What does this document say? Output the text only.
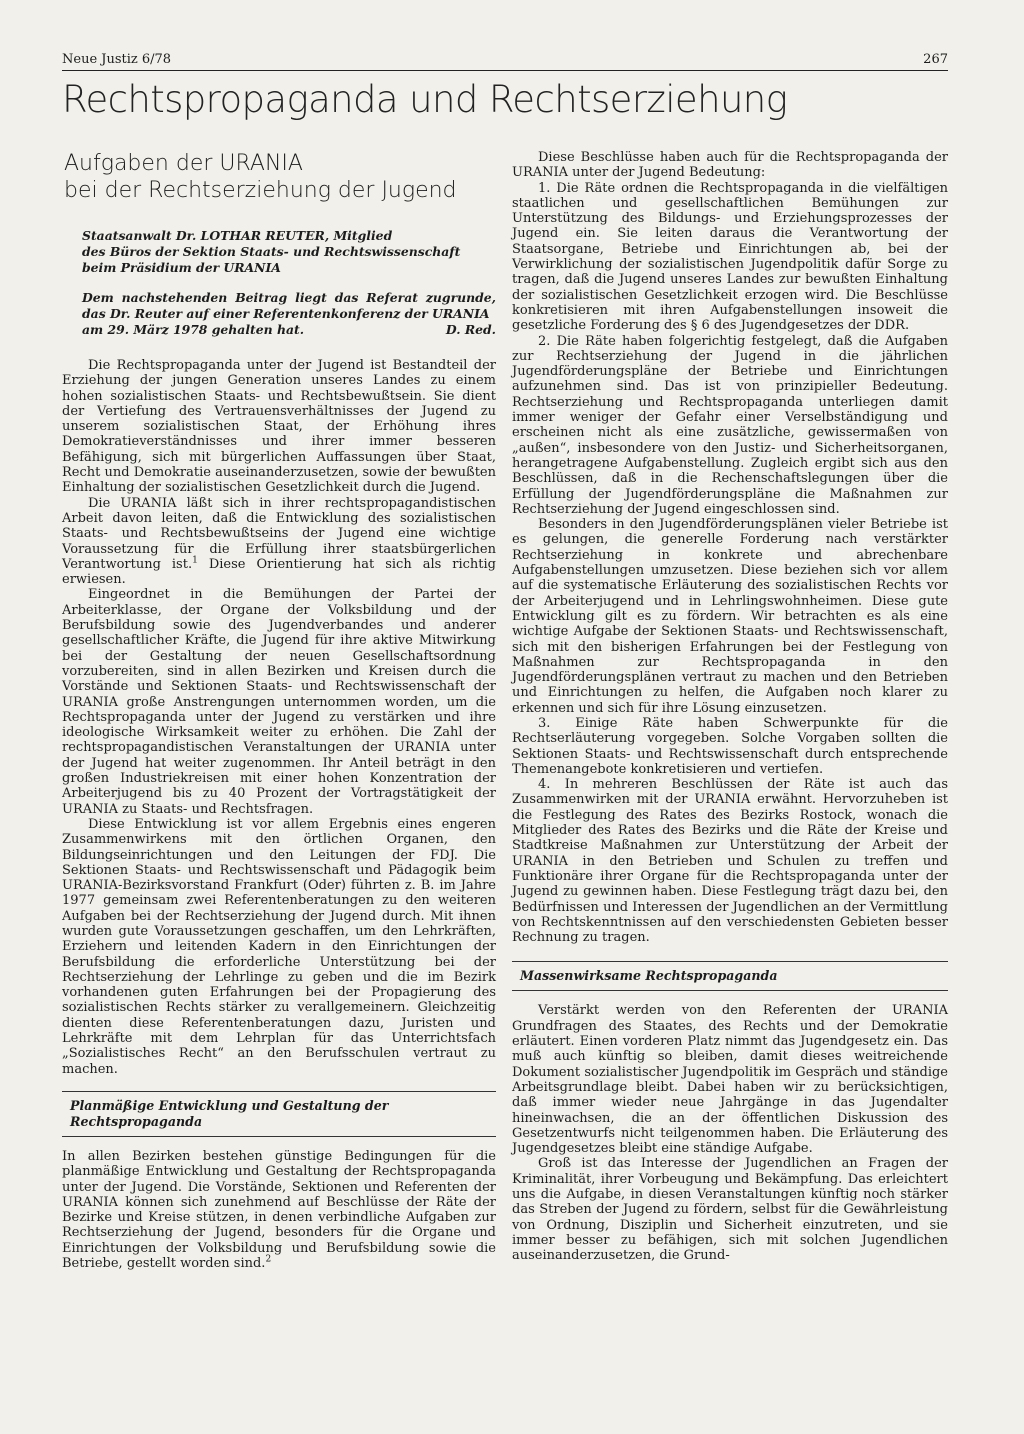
Neue Justiz 6/78	267
Rechtspropaganda und Rechtserziehung
Aufgaben der URANIA
bei der Rechtserziehung der Jugend
Staatsanwalt Dr. LOTHAR REUTER, Mitglied
des Büros der Sektion Staats- und Rechtswissenschaft
beim Präsidium der URANIA
Dem nachstehenden Beitrag liegt das Referat zugrunde, das Dr. Reuter auf einer Referentenkonferenz der URANIA
am 29. März 1978 gehalten hat.	D. Red.

Die Rechtspropaganda unter der Jugend ist Bestandteil der Erziehung der jungen Generation unseres Landes zu einem hohen sozialistischen Staats- und Rechtsbewußtsein. Sie dient der Vertiefung des Vertrauensverhältnisses der Jugend zu unserem sozialistischen Staat, der Erhöhung ihres Demokratieverständnisses und ihrer immer besseren Befähigung, sich mit bürgerlichen Auffassungen über Staat, Recht und Demokratie auseinanderzusetzen, sowie der bewußten Einhaltung der sozialistischen Gesetzlichkeit durch die Jugend.

Die URANIA läßt sich in ihrer rechtspropagandistischen Arbeit davon leiten, daß die Entwicklung des sozialistischen Staats- und Rechtsbewußtseins der Jugend eine wichtige Voraussetzung für die Erfüllung ihrer staatsbürgerlichen Verantwortung ist.$^1$ Diese Orientierung hat sich als richtig erwiesen.

Eingeordnet in die Bemühungen der Partei der Arbeiterklasse, der Organe der Volksbildung und der Berufsbildung sowie des Jugendverbandes und anderer gesellschaftlicher Kräfte, die Jugend für ihre aktive Mitwirkung bei der Gestaltung der neuen Gesellschaftsordnung vorzubereiten, sind in allen Bezirken und Kreisen durch die Vorstände und Sektionen Staats- und Rechtswissenschaft der URANIA große Anstrengungen unternommen worden, um die Rechtspropaganda unter der Jugend zu verstärken und ihre ideologische Wirksamkeit weiter zu erhöhen. Die Zahl der rechtspropagandistischen Veranstaltungen der URANIA unter der Jugend hat weiter zugenommen. Ihr Anteil beträgt in den großen Industriekreisen mit einer hohen Konzentration der Arbeiterjugend bis zu 40 Prozent der Vortragstätigkeit der URANIA zu Staats- und Rechtsfragen.

Diese Entwicklung ist vor allem Ergebnis eines engeren Zusammenwirkens mit den örtlichen Organen, den Bildungseinrichtungen und den Leitungen der FDJ. Die Sektionen Staats- und Rechtswissenschaft und Pädagogik beim URANIA-Bezirksvorstand Frankfurt (Oder) führten z. B. im Jahre 1977 gemeinsam zwei Referentenberatungen zu den weiteren Aufgaben bei der Rechtserziehung der Jugend durch. Mit ihnen wurden gute Voraussetzungen geschaffen, um den Lehrkräften, Erziehern und leitenden Kadern in den Einrichtungen der Berufsbildung die erforderliche Unterstützung bei der Rechtserziehung der Lehrlinge zu geben und die im Bezirk vorhandenen guten Erfahrungen bei der Propagierung des sozialistischen Rechts stärker zu verallgemeinern. Gleichzeitig dienten diese Referentenberatungen dazu, Juristen und Lehrkräfte mit dem Lehrplan für das Unterrichtsfach „Sozialistisches Recht“ an den Berufsschulen vertraut zu machen.

Planmäßige Entwicklung und Gestaltung der Rechtspropaganda

In allen Bezirken bestehen günstige Bedingungen für die planmäßige Entwicklung und Gestaltung der Rechtspropaganda unter der Jugend. Die Vorstände, Sektionen und Referenten der URANIA können sich zunehmend auf Beschlüsse der Räte der Bezirke und Kreise stützen, in denen verbindliche Aufgaben zur Rechtserziehung der Jugend, besonders für die Organe und Einrichtungen der Volksbildung und Berufsbildung sowie die Betriebe, gestellt worden sind.$^2$

Diese Beschlüsse haben auch für die Rechtspropaganda der URANIA unter der Jugend Bedeutung:

1. Die Räte ordnen die Rechtspropaganda in die vielfältigen staatlichen und gesellschaftlichen Bemühungen zur Unterstützung des Bildungs- und Erziehungsprozesses der Jugend ein. Sie leiten daraus die Verantwortung der Staatsorgane, Betriebe und Einrichtungen ab, bei der Verwirklichung der sozialistischen Jugendpolitik dafür Sorge zu tragen, daß die Jugend unseres Landes zur bewußten Einhaltung der sozialistischen Gesetzlichkeit erzogen wird. Die Beschlüsse konkretisieren mit ihren Aufgabenstellungen insoweit die gesetzliche Forderung des § 6 des Jugendgesetzes der DDR.

2. Die Räte haben folgerichtig festgelegt, daß die Aufgaben zur Rechtserziehung der Jugend in die jährlichen Jugendförderungspläne der Betriebe und Einrichtungen aufzunehmen sind. Das ist von prinzipieller Bedeutung. Rechtserziehung und Rechtspropaganda unterliegen damit immer weniger der Gefahr einer Verselbständigung und erscheinen nicht als eine zusätzliche, gewissermaßen von „außen“, insbesondere von den Justiz- und Sicherheitsorganen, herangetragene Aufgabenstellung. Zugleich ergibt sich aus den Beschlüssen, daß in die Rechenschaftslegungen über die Erfüllung der Jugendförderungspläne die Maßnahmen zur Rechtserziehung der Jugend eingeschlossen sind.

Besonders in den Jugendförderungsplänen vieler Betriebe ist es gelungen, die generelle Forderung nach verstärkter Rechtserziehung in konkrete und abrechenbare Aufgabenstellungen umzusetzen. Diese beziehen sich vor allem auf die systematische Erläuterung des sozialistischen Rechts vor der Arbeiterjugend und in Lehrlingswohnheimen. Diese gute Entwicklung gilt es zu fördern. Wir betrachten es als eine wichtige Aufgabe der Sektionen Staats- und Rechtswissenschaft, sich mit den bisherigen Erfahrungen bei der Festlegung von Maßnahmen zur Rechtspropaganda in den Jugendförderungsplänen vertraut zu machen und den Betrieben und Einrichtungen zu helfen, die Aufgaben noch klarer zu erkennen und sich für ihre Lösung einzusetzen.

3. Einige Räte haben Schwerpunkte für die Rechtserläuterung vorgegeben. Solche Vorgaben sollten die Sektionen Staats- und Rechtswissenschaft durch entsprechende Themenangebote konkretisieren und vertiefen.

4. In mehreren Beschlüssen der Räte ist auch das Zusammenwirken mit der URANIA erwähnt. Hervorzuheben ist die Festlegung des Rates des Bezirks Rostock, wonach die Mitglieder des Rates des Bezirks und die Räte der Kreise und Stadtkreise Maßnahmen zur Unterstützung der Arbeit der URANIA in den Betrieben und Schulen zu treffen und Funktionäre ihrer Organe für die Rechtspropaganda unter der Jugend zu gewinnen haben. Diese Festlegung trägt dazu bei, den Bedürfnissen und Interessen der Jugendlichen an der Vermittlung von Rechtskenntnissen auf den verschiedensten Gebieten besser Rechnung zu tragen.

Massenwirksame Rechtspropaganda

Verstärkt werden von den Referenten der URANIA Grundfragen des Staates, des Rechts und der Demokratie erläutert. Einen vorderen Platz nimmt das Jugendgesetz ein. Das muß auch künftig so bleiben, damit dieses weitreichende Dokument sozialistischer Jugendpolitik im Gespräch und ständige Arbeitsgrundlage bleibt. Dabei haben wir zu berücksichtigen, daß immer wieder neue Jahrgänge in das Jugendalter hineinwachsen, die an der öffentlichen Diskussion des Gesetzentwurfs nicht teilgenommen haben. Die Erläuterung des Jugendgesetzes bleibt eine ständige Aufgabe.

Groß ist das Interesse der Jugendlichen an Fragen der Kriminalität, ihrer Vorbeugung und Bekämpfung. Das erleichtert uns die Aufgabe, in diesen Veranstaltungen künftig noch stärker das Streben der Jugend zu fördern, selbst für die Gewährleistung von Ordnung, Disziplin und Sicherheit einzutreten, und sie immer besser zu befähigen, sich mit solchen Jugendlichen auseinanderzusetzen, die Grund-
